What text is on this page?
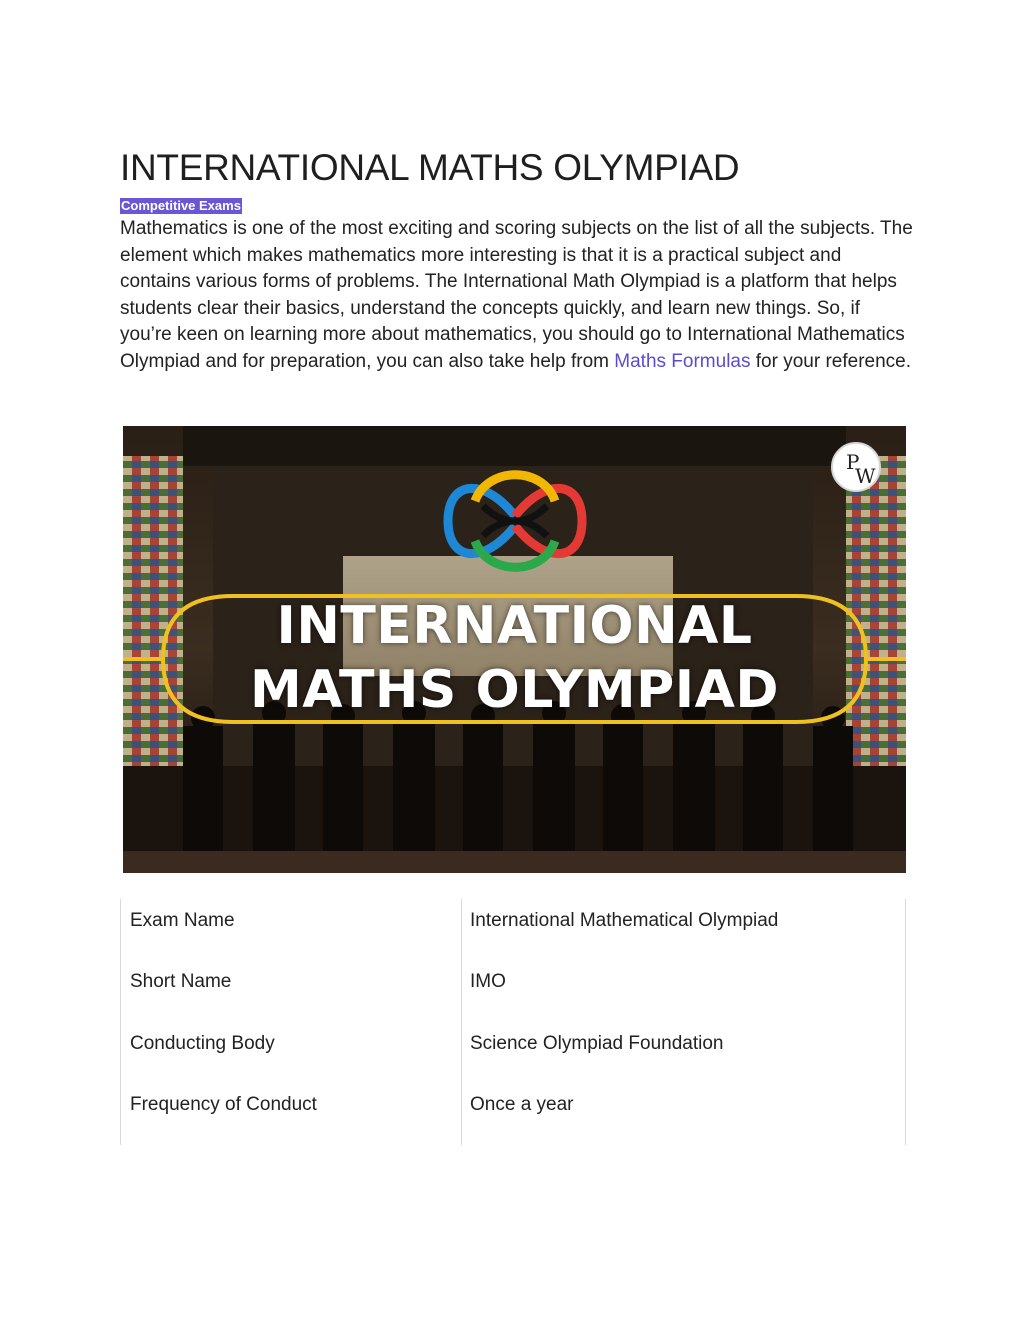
INTERNATIONAL MATHS OLYMPIAD
Competitive Exams

Mathematics is one of the most exciting and scoring subjects on the list of all the subjects. The element which makes mathematics more interesting is that it is a practical subject and contains various forms of problems. The International Math Olympiad is a platform that helps students clear their basics, understand the concepts quickly, and learn new things. So, if you’re keen on learning more about mathematics, you should go to International Mathematics Olympiad and for preparation, you can also take help from Maths Formulas for your reference.

P
W
INTERNATIONAL
MATHS OLYMPIAD
Exam Name	International Mathematical Olympiad
Short Name	IMO
Conducting Body	Science Olympiad Foundation
Frequency of Conduct	Once a year
